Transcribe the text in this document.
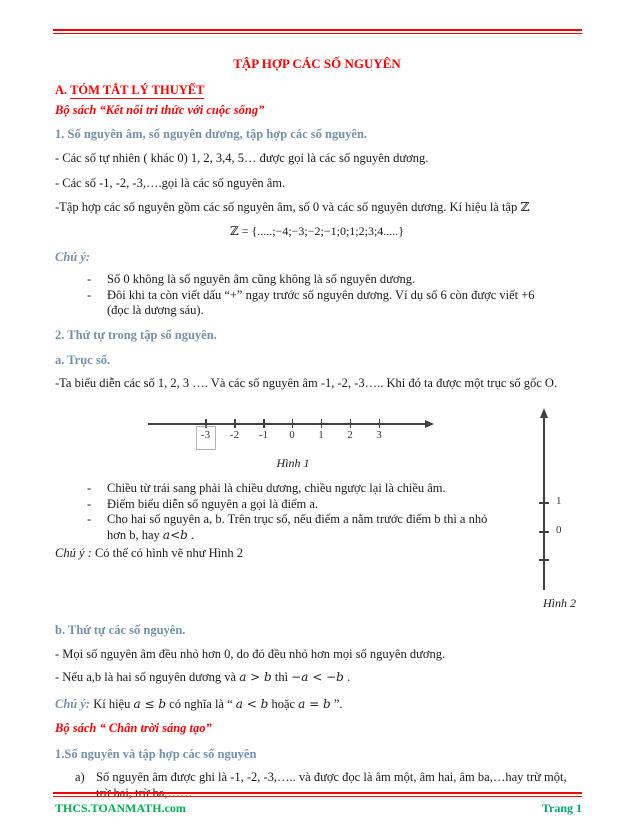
TẬP HỢP CÁC SỐ NGUYÊN
A. TÓM TẮT LÝ THUYẾT
Bộ sách “Kết nối tri thức với cuộc sống”
1. Số nguyên âm, số nguyên dương, tập hợp các số nguyên.
- Các số tự nhiên ( khác 0) 1, 2, 3,4, 5… được gọi là các số nguyên dương.
- Các số -1, -2, -3,….gọi là các số nguyên âm.
-Tập hợp các số nguyên gồm các số nguyên âm, số 0 và các số nguyên dương. Kí hiệu là tập ℤ
ℤ = {.....;−4;−3;−2;−1;0;1;2;3;4.....}
Chú ý:
- Số 0 không là số nguyên âm cũng không là số nguyên dương.
- Đôi khi ta còn viết dấu “+” ngay trước số nguyên dương. Ví dụ số 6 còn được viết +6 (đọc là dương sáu).
2. Thứ tự trong tập số nguyên.
a. Trục số.
-Ta biểu diễn các số 1, 2, 3 …. Và các số nguyên âm -1, -2, -3….. Khi đó ta được một trục số gốc O.
-3	-2	-1	0	1	2	3
Hình 1
- Chiều từ trái sang phải là chiều dương, chiều ngược lại là chiều âm.
- Điểm biểu diễn số nguyên a gọi là điểm a.
- Cho hai số nguyên a, b. Trên trục số, nếu điểm a nằm trước điểm b thì a nhỏ hơn b, hay a<b .
Chú ý : Có thể có hình vẽ như Hình 2
1
0
Hình 2
b. Thứ tự các số nguyên.
- Mọi số nguyên âm đều nhỏ hơn 0, do đó đều nhỏ hơn mọi số nguyên dương.
- Nếu a,b là hai số nguyên dương và a > b thì −a < −b .
Chú ý: Kí hiệu a ≤ b có nghĩa là “ a < b hoặc a = b ”.
Bộ sách “ Chân trời sáng tạo”
1.Số nguyên và tập hợp các số nguyên
a) Số nguyên âm được ghi là -1, -2, -3,….. và được đọc là âm một, âm hai, âm ba,…hay trừ một, trừ hai, trừ ba,……
THCS.TOANMATH.com	Trang 1
